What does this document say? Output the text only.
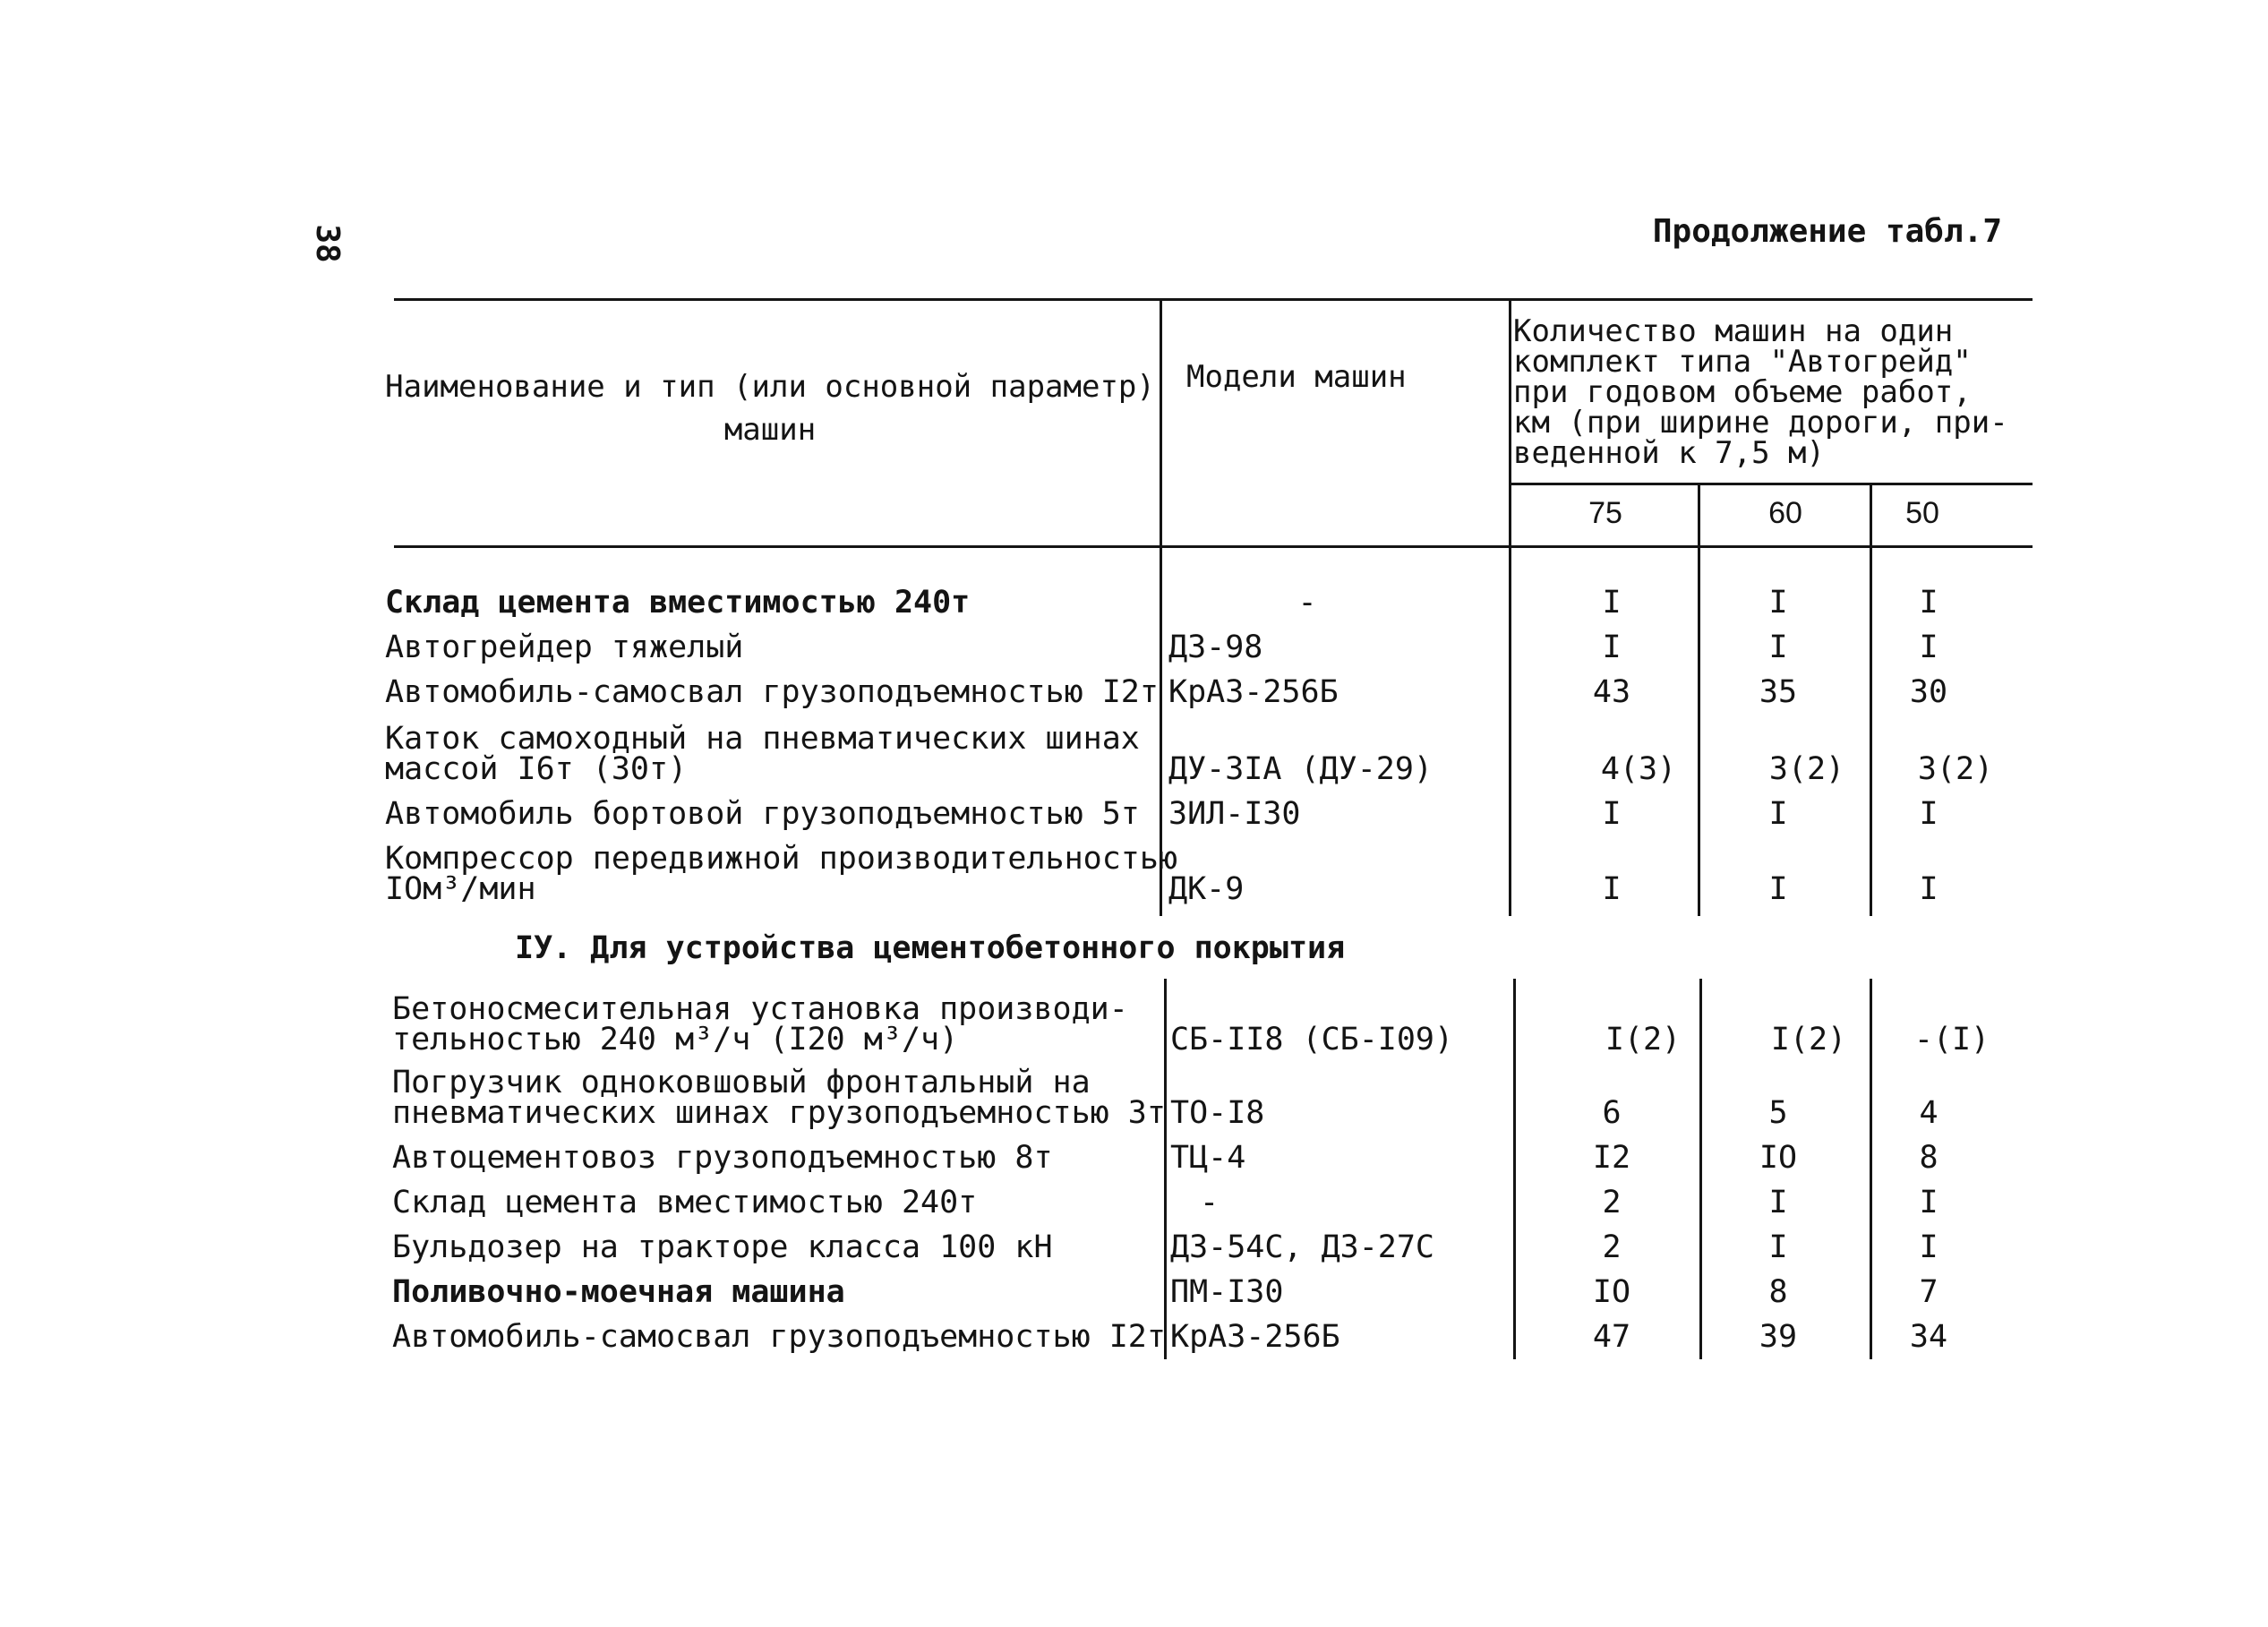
38	Продолжение табл.7
Наименование и тип (или основной параметр)
машин
Модели машин
Количество машин на один
комплект типа "Автогрейд"
при годовом объеме работ,
км (при ширине дороги, при-
веденной к 7,5 м)
75	60	50
Склад цемента вместимостью 240т	-	I	I	I
Автогрейдер тяжелый	ДЗ-98	I	I	I
Автомобиль-самосвал грузоподъемностью I2т КрАЗ-256Б	43	35	30
Каток самоходный на пневматических шинах
массой I6т (30т)	ДУ-3IA (ДУ-29)	4(3)	3(2)	3(2)
Автомобиль бортовой грузоподъемностью 5т ЗИЛ-I30	I	I	I
Компрессор передвижной производительностью
IOм³/мин	ДК-9	I	I	I
IУ. Для устройства цементобетонного покрытия
Бетоносмесительная установка производи-
тельностью 240 м³/ч (I20 м³/ч)	СБ-II8 (СБ-I09)	I(2)	I(2)	-(I)
Погрузчик одноковшовый фронтальный на
пневматических шинах грузоподъемностью 3т ТО-I8	6	5	4
Автоцементовоз грузоподъемностью 8т	ТЦ-4	I2	IO	8
Склад цемента вместимостью 240т	-	2	I	I
Бульдозер на тракторе класса 100 кН	ДЗ-54С, ДЗ-27С	2	I	I
Поливочно-моечная машина	ПМ-I30	IO	8	7
Автомобиль-самосвал грузоподъемностью I2т КрАЗ-256Б	47	39	34
